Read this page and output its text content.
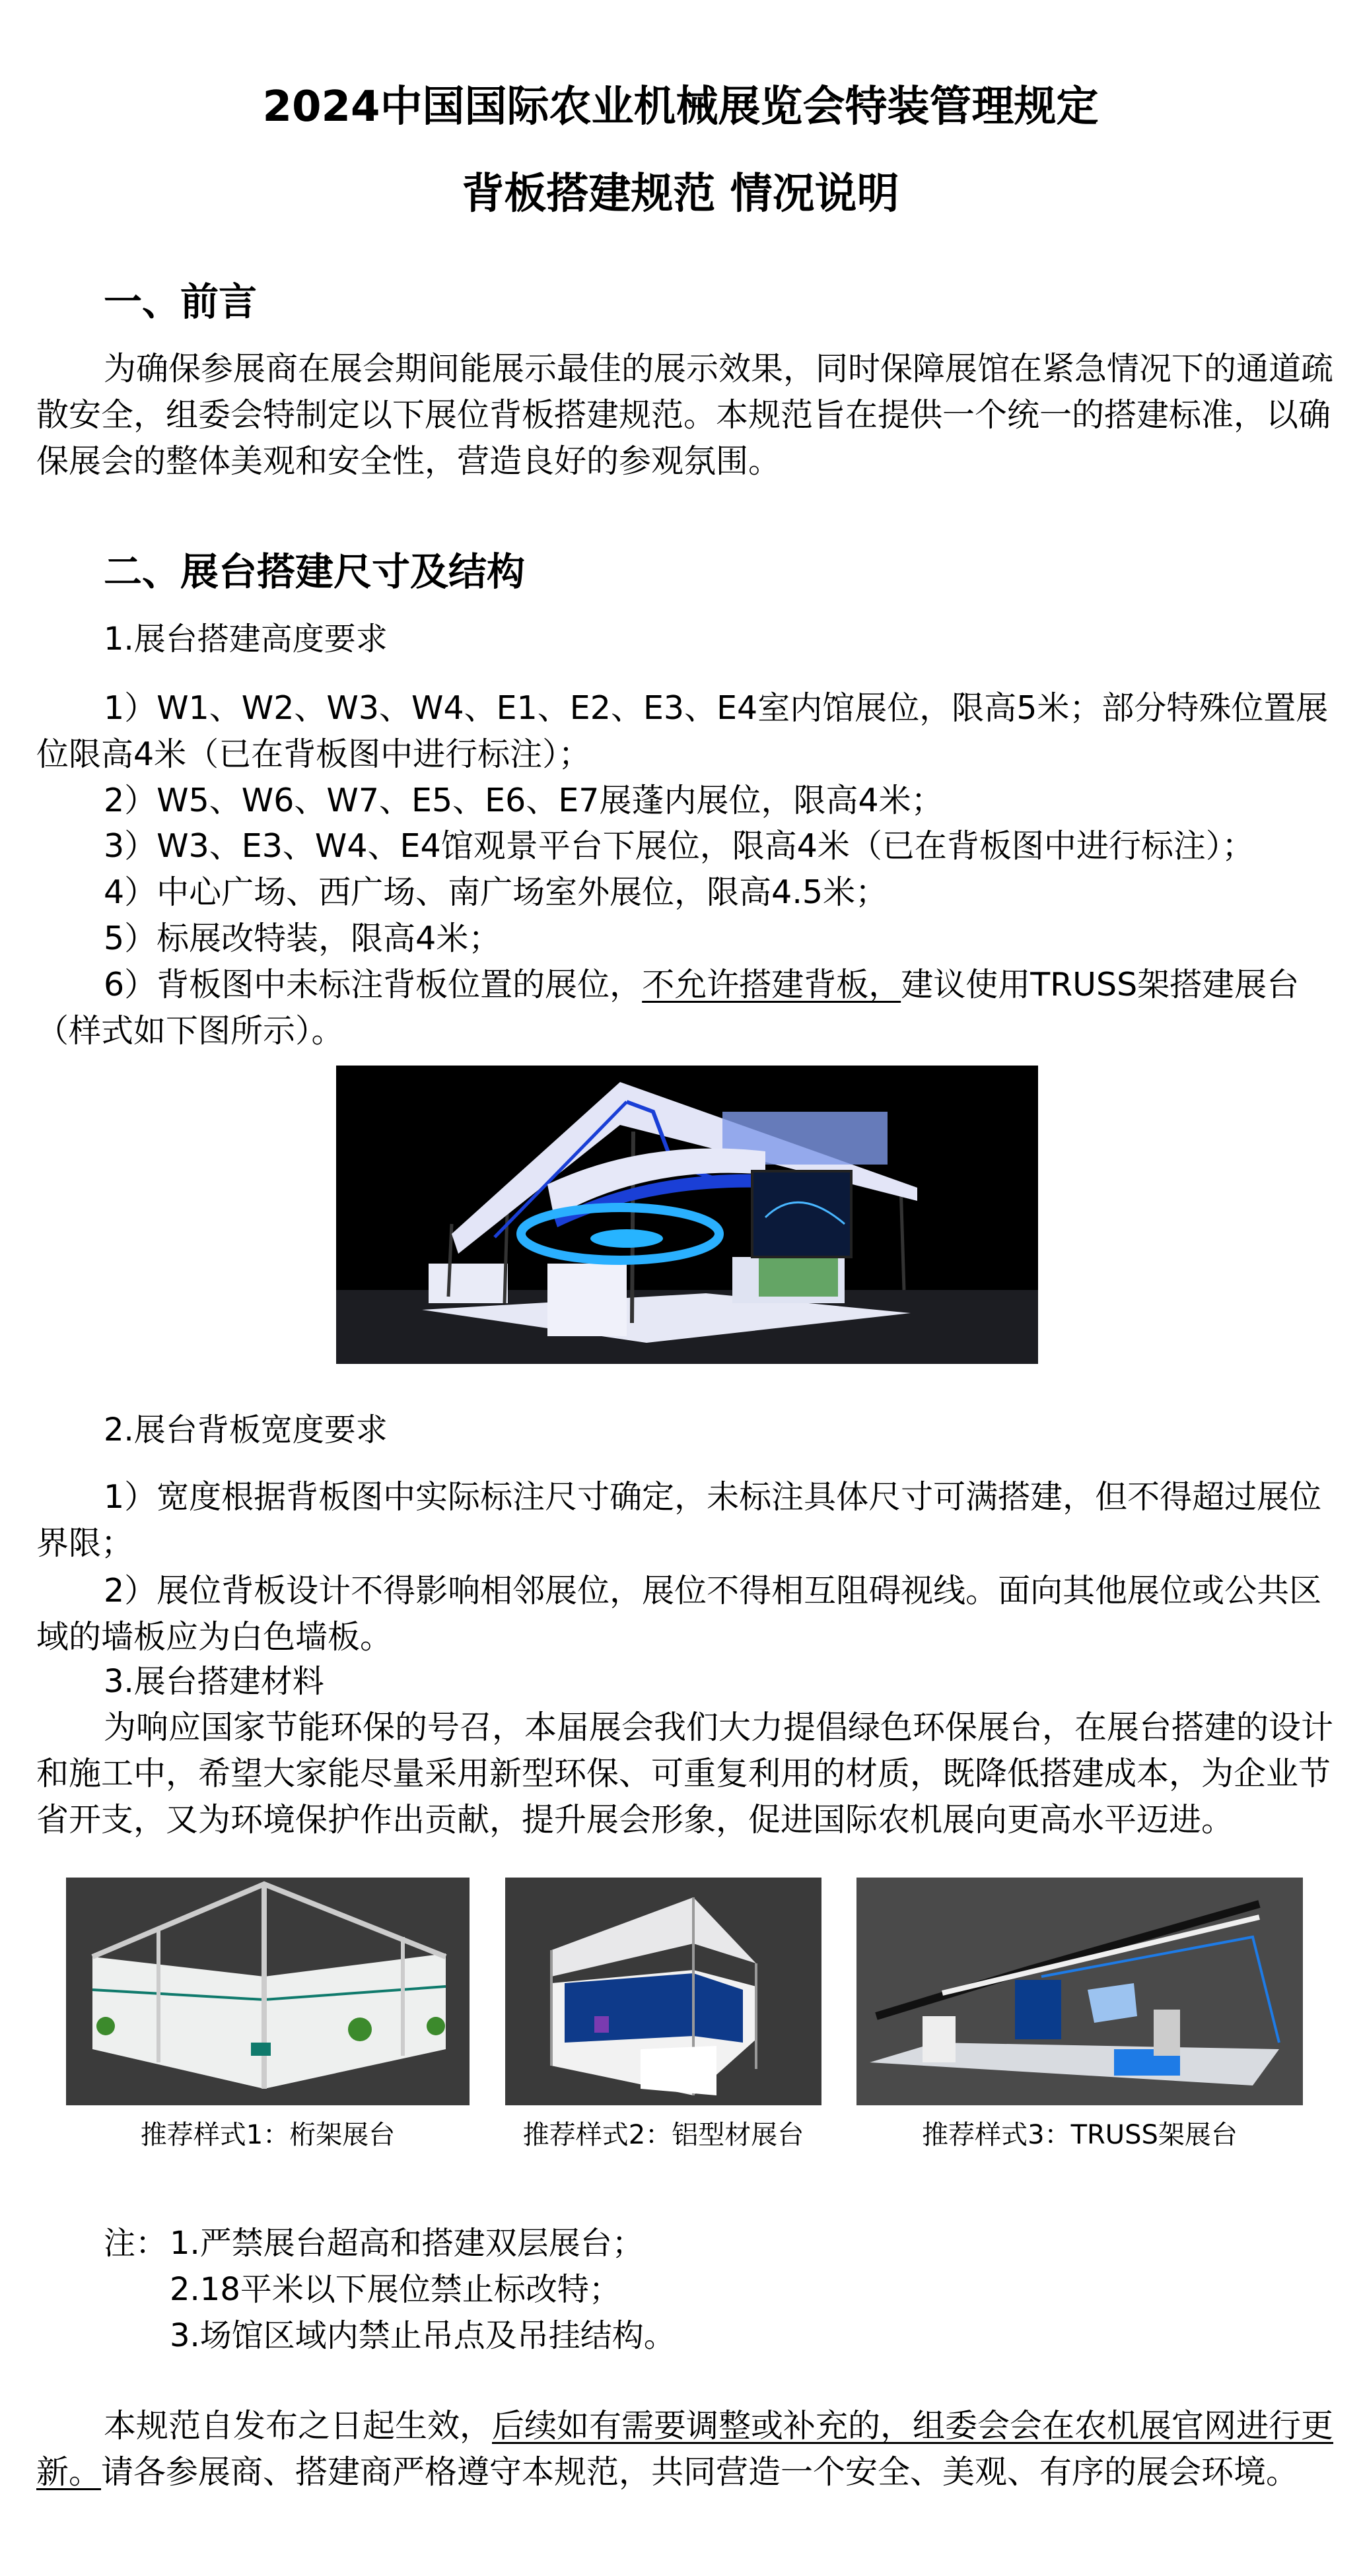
2024中国国际农业机械展览会特装管理规定
背板搭建规范 情况说明
一、前言
为确保参展商在展会期间能展示最佳的展示效果，同时保障展馆在紧急情况下的通道疏散安全，组委会特制定以下展位背板搭建规范。本规范旨在提供一个统一的搭建标准，以确保展会的整体美观和安全性，营造良好的参观氛围。
二、展台搭建尺寸及结构
1.展台搭建高度要求
1）W1、W2、W3、W4、E1、E2、E3、E4室内馆展位，限高5米；部分特殊位置展位限高4米（已在背板图中进行标注）；
2）W5、W6、W7、E5、E6、E7展蓬内展位，限高4米；
3）W3、E3、W4、E4馆观景平台下展位，限高4米（已在背板图中进行标注）；
4）中心广场、西广场、南广场室外展位，限高4.5米；
5）标展改特装，限高4米；
6）背板图中未标注背板位置的展位，不允许搭建背板，建议使用TRUSS架搭建展台（样式如下图所示）。
2.展台背板宽度要求
1）宽度根据背板图中实际标注尺寸确定，未标注具体尺寸可满搭建，但不得超过展位界限；
2）展位背板设计不得影响相邻展位，展位不得相互阻碍视线。面向其他展位或公共区域的墙板应为白色墙板。
3.展台搭建材料
为响应国家节能环保的号召，本届展会我们大力提倡绿色环保展台，在展台搭建的设计和施工中，希望大家能尽量采用新型环保、可重复利用的材质，既降低搭建成本，为企业节省开支，又为环境保护作出贡献，提升展会形象，促进国际农机展向更高水平迈进。
推荐样式1：桁架展台	推荐样式2：铝型材展台	推荐样式3：TRUSS架展台
注： 1.严禁展台超高和搭建双层展台；
2.18平米以下展位禁止标改特；
3.场馆区域内禁止吊点及吊挂结构。
本规范自发布之日起生效，后续如有需要调整或补充的，组委会会在农机展官网进行更新。请各参展商、搭建商严格遵守本规范，共同营造一个安全、美观、有序的展会环境。
